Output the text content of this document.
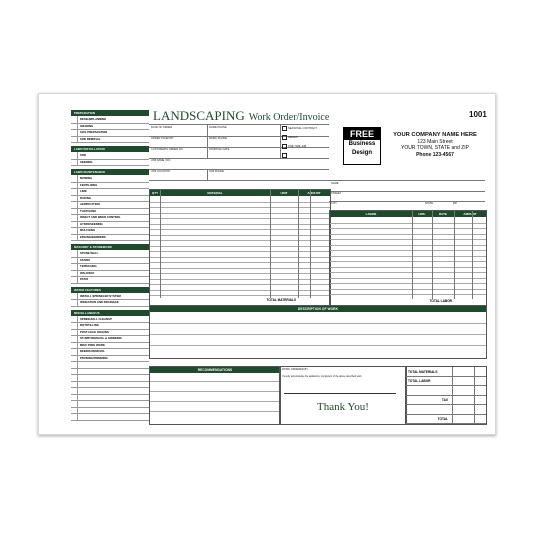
PREPARATION
DESIGN/PLANNING
GRADING
SOIL PREPARATION
SOD REMOVAL
LAWN INSTALLATION
SOD
SEEDING
LAWN MAINTENANCE
MOWING
FERTILIZING
LIME
RAKING
AERIFICATION
THATCHING
INSECT AND WEED CONTROL
HYDROSEEDING
MULCHING
EDGING/BORDERS
MASONRY & STONEWORK
STONE WALL
STAIRS
TERRACING
WALKWAY
PATIO
WATER FEATURES
INSTALL SPRINKLER SYSTEM
IRRIGATION AND DRAINAGE
MISCELLANEOUS
SPRINGFALL CLEANUP
ROTOTILLING
POST HOLE DIGGING
STUMP REMOVAL & GRINDING
MISC TREE WORK
DEBRIS REMOVAL
PRUNING/TRIMMING
LANDSCAPING Work Order/Invoice	1001
DATE OF ORDER	HOME PHONE
ORDER TAKEN BY	WORK PHONE
CUSTOMER'S ORDER NO.	STARTING DATE
JOB NAME / NO.
JOB LOCATION	JOB PHONE
SEASONAL CONTRACT
REPEAT
ONE TIME JOB
FREE
Business
Design
YOUR COMPANY NAME HERE
123 Main Street
YOUR TOWN, STATE and ZIP
Phone 123-4567
NAME
STREET
CITY	STATE	ZIP
QTY	MATERIAL	UNIT	AMOUNT
TOTAL MATERIALS
LABOR	HRS.	RATE	AMOUNT
TOTAL LABOR
DESCRIPTION OF WORK
RECOMMENDATIONS	WORK ORDERED BY
I hereby acknowledge the satisfactory completion of the above described work.
Thank You!
TOTAL MATERIALS
TOTAL LABOR
TAX
TOTAL
